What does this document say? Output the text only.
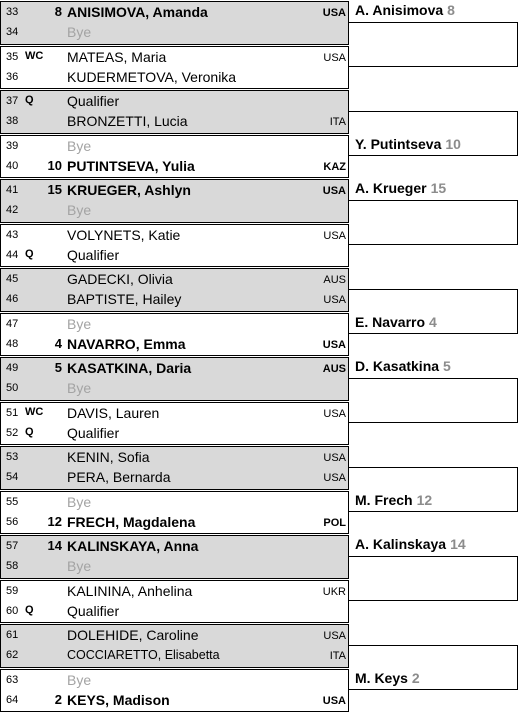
33	8 ANISIMOVA, Amanda	USA
34	Bye
35 WC MATEAS, Maria	USA
36	KUDERMETOVA, Veronika
37 Q Qualifier
38	BRONZETTI, Lucia	ITA
39	Bye
40	10 PUTINTSEVA, Yulia	KAZ
41	15 KRUEGER, Ashlyn	USA
42	Bye
43	VOLYNETS, Katie	USA
44 Q Qualifier
45	GADECKI, Olivia	AUS
46	BAPTISTE, Hailey	USA
47	Bye
48	4 NAVARRO, Emma	USA
49	5 KASATKINA, Daria	AUS
50	Bye
51 WC DAVIS, Lauren	USA
52 Q Qualifier
53	KENIN, Sofia	USA
54	PERA, Bernarda	USA
55	Bye
56	12 FRECH, Magdalena	POL
57	14 KALINSKAYA, Anna
58	Bye
59	KALININA, Anhelina	UKR
60 Q Qualifier
61	DOLEHIDE, Caroline	USA
62	COCCIARETTO, Elisabetta	ITA
63	Bye
64	2 KEYS, Madison	USA
A. Anisimova 8
Y. Putintseva 10
A. Krueger 15
E. Navarro 4
D. Kasatkina 5
M. Frech 12
A. Kalinskaya 14
M. Keys 2
